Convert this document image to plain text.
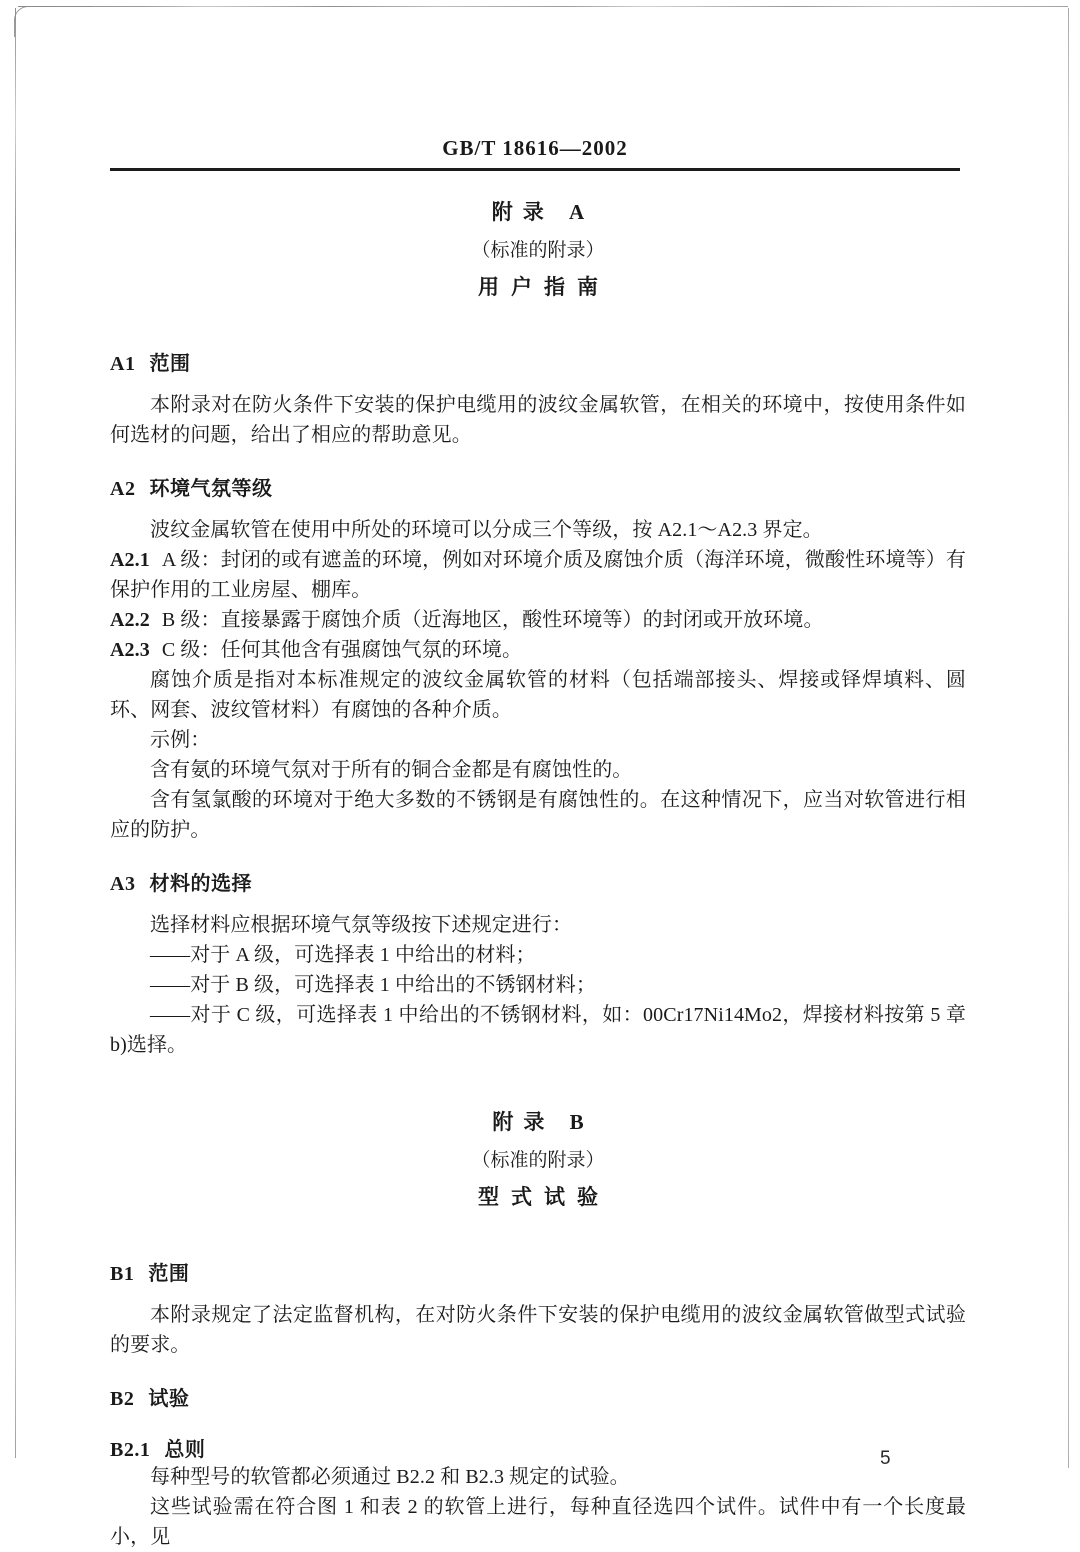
GB/T 18616—2002
附录 A
（标准的附录）
用户指南
A1 范围

本附录对在防火条件下安装的保护电缆用的波纹金属软管，在相关的环境中，按使用条件如何选材的问题，给出了相应的帮助意见。

A2 环境气氛等级

波纹金属软管在使用中所处的环境可以分成三个等级，按 A2.1～A2.3 界定。

A2.1 A 级：封闭的或有遮盖的环境，例如对环境介质及腐蚀介质（海洋环境，微酸性环境等）有保护作用的工业房屋、棚库。

A2.2 B 级：直接暴露于腐蚀介质（近海地区，酸性环境等）的封闭或开放环境。

A2.3 C 级：任何其他含有强腐蚀气氛的环境。

腐蚀介质是指对本标准规定的波纹金属软管的材料（包括端部接头、焊接或铎焊填料、圆环、网套、波纹管材料）有腐蚀的各种介质。

示例：

含有氨的环境气氛对于所有的铜合金都是有腐蚀性的。

含有氢氯酸的环境对于绝大多数的不锈钢是有腐蚀性的。在这种情况下，应当对软管进行相应的防护。

A3 材料的选择

选择材料应根据环境气氛等级按下述规定进行：

——对于 A 级，可选择表 1 中给出的材料；

——对于 B 级，可选择表 1 中给出的不锈钢材料；

——对于 C 级，可选择表 1 中给出的不锈钢材料，如：00Cr17Ni14Mo2，焊接材料按第 5 章 b)选择。

附录 B
（标准的附录）
型式试验
B1 范围

本附录规定了法定监督机构，在对防火条件下安装的保护电缆用的波纹金属软管做型式试验的要求。

B2 试验
B2.1 总则

每种型号的软管都必须通过 B2.2 和 B2.3 规定的试验。

这些试验需在符合图 1 和表 2 的软管上进行，每种直径选四个试件。试件中有一个长度最小，见

5
